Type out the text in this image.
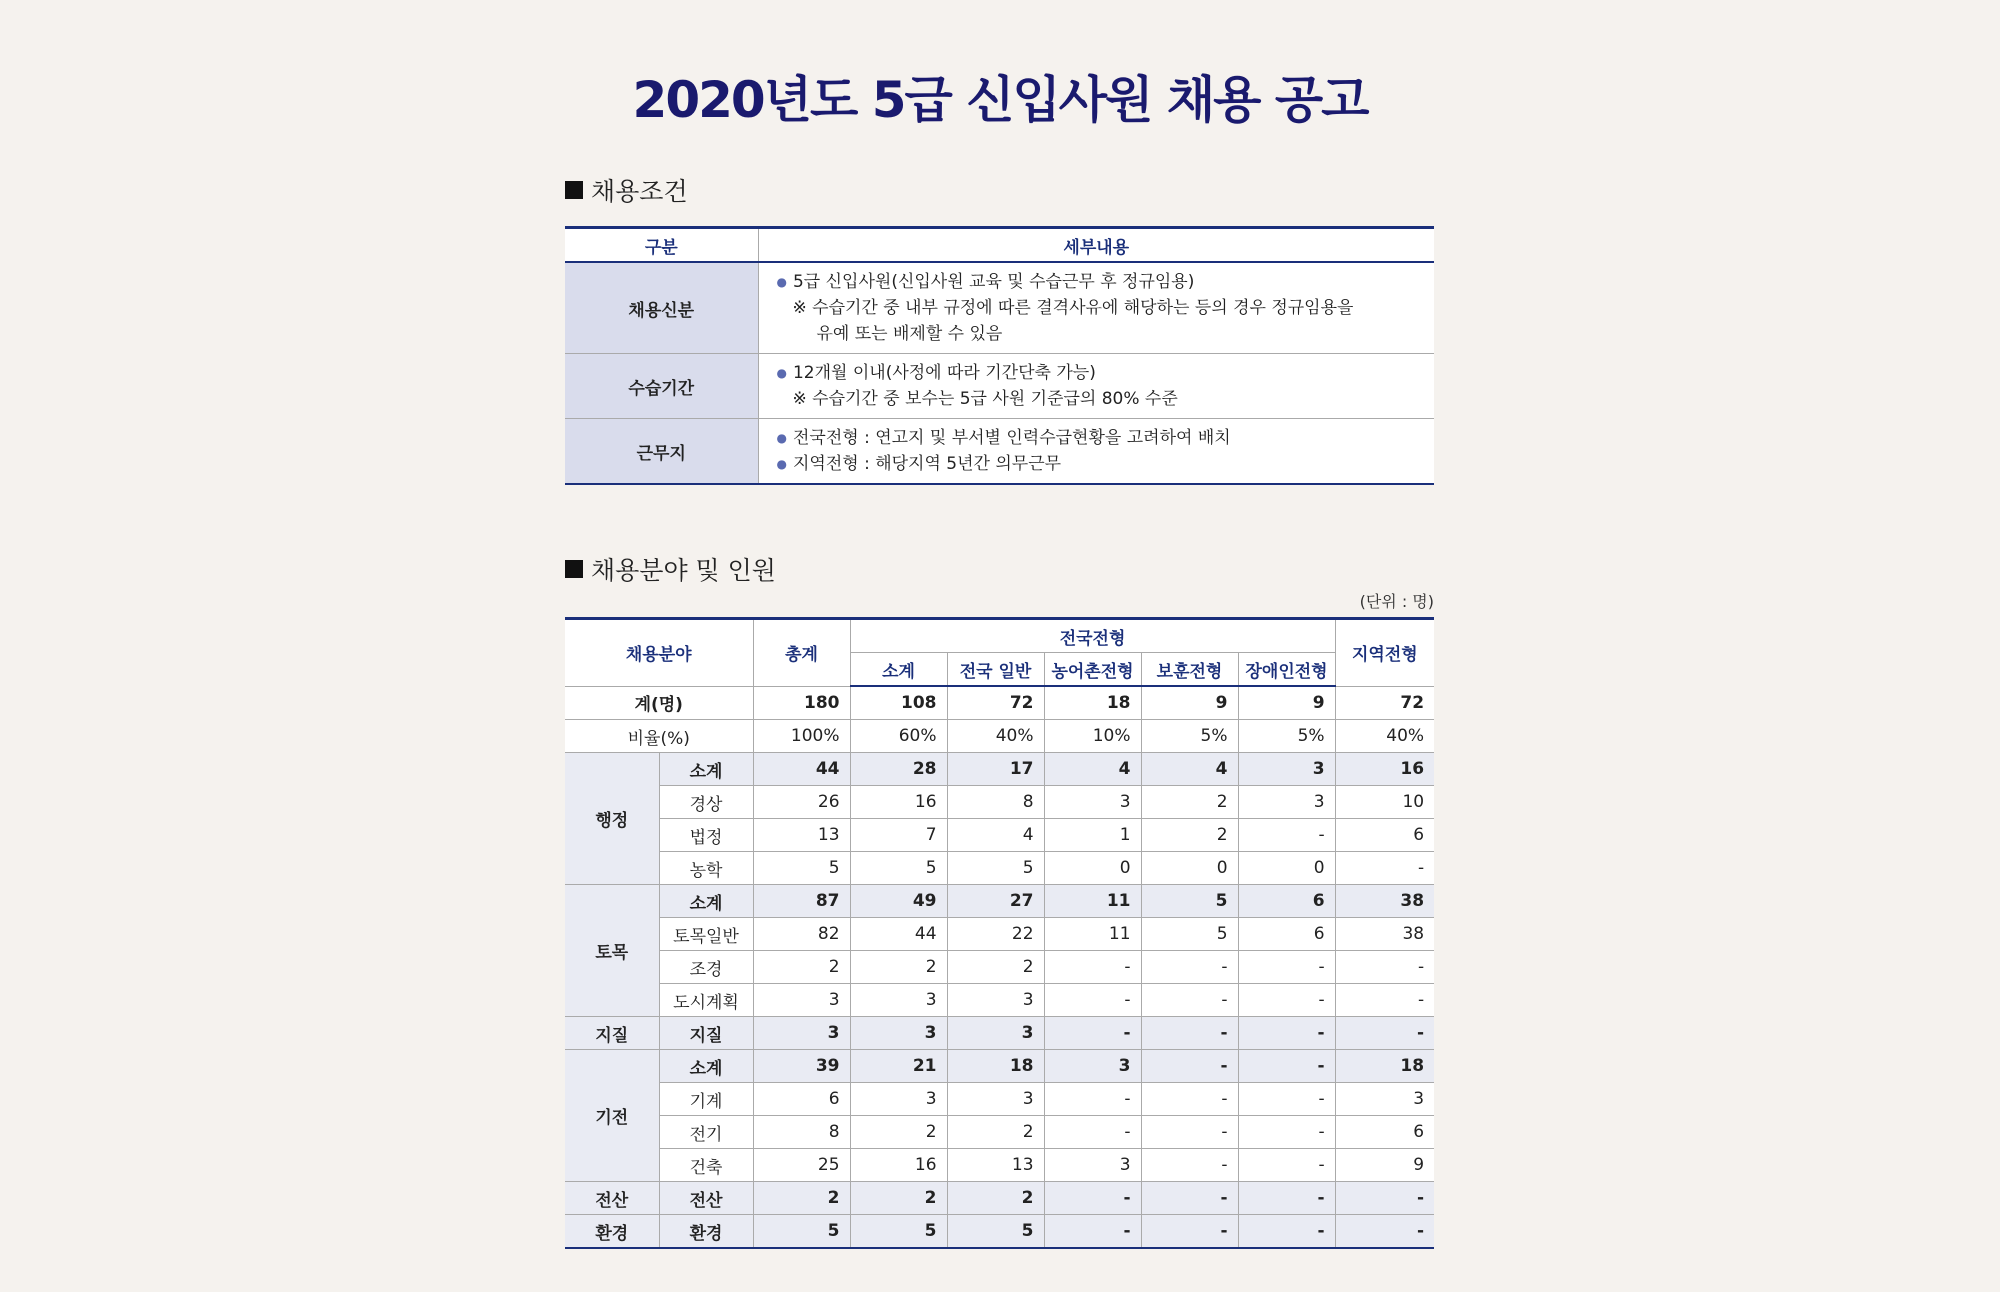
2020년도 5급 신입사원 채용 공고
채용조건
구분	세부내용
채용신분	● 5급 신입사원(신입사원 교육 및 수습근무 후 정규임용)
※ 수습기간 중 내부 규정에 따른 결격사유에 해당하는 등의 경우 정규임용을
유예 또는 배제할 수 있음

수습기간	● 12개월 이내(사정에 따라 기간단축 가능)
※ 수습기간 중 보수는 5급 사원 기준급의 80% 수준

근무지	● 전국전형 : 연고지 및 부서별 인력수급현황을 고려하여 배치
● 지역전형 : 해당지역 5년간 의무근무
채용분야 및 인원
(단위 : 명)
채용분야		총계	전국전형					지역전형
			소계	전국 일반	농어촌전형	보훈전형	장애인전형	
계(명)		180	108	72	18	9	9	72
비율(%)		100%	60%	40%	10%	5%	5%	40%
행정	소계	44	28	17	4	4	3	16
	경상	26	16	8	3	2	3	10
	법정	13	7	4	1	2	-	6
	농학	5	5	5	0	0	0	-
토목	소계	87	49	27	11	5	6	38
	토목일반	82	44	22	11	5	6	38
	조경	2	2	2	-	-	-	-
	도시계획	3	3	3	-	-	-	-
지질	지질	3	3	3	-	-	-	-
기전	소계	39	21	18	3	-	-	18
	기계	6	3	3	-	-	-	3
	전기	8	2	2	-	-	-	6
	건축	25	16	13	3	-	-	9
전산	전산	2	2	2	-	-	-	-
환경	환경	5	5	5	-	-	-	-
